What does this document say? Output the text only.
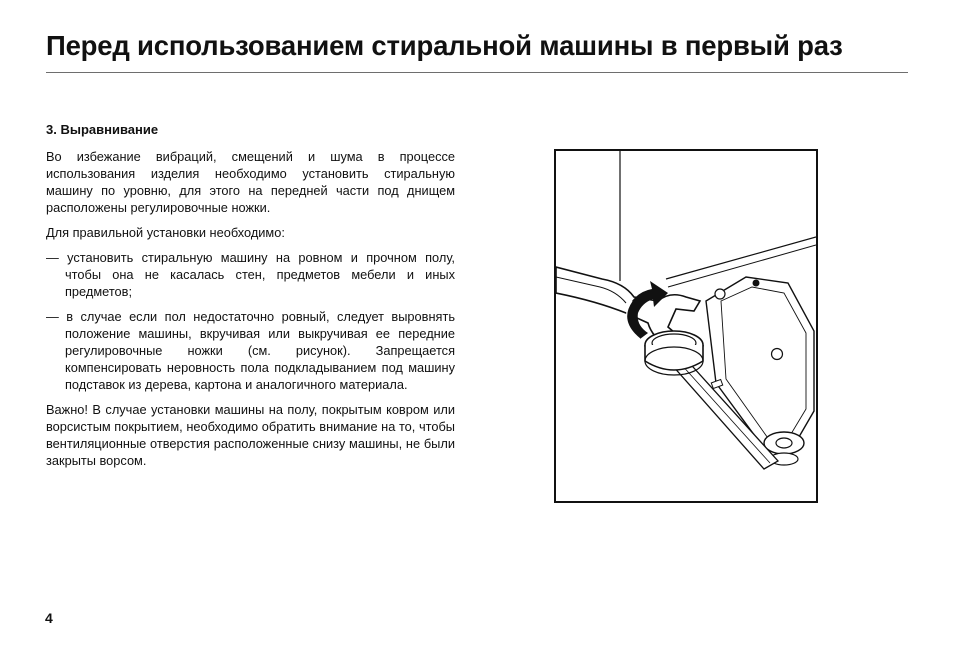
Перед использованием стиральной машины в первый раз
3. Выравнивание

Во избежание вибраций, смещений и шума в процессе использования изделия необходимо установить стиральную машину по уровню, для этого на передней части под днищем расположены регулировочные ножки.

Для правильной установки необходимо:

— установить стиральную машину на ровном и прочном полу, чтобы она не касалась стен, предметов мебели и иных предметов;
— в случае если пол недостаточно ровный, следует выровнять положение машины, вкручивая или выкручивая ее передние регулировочные ножки (см. рисунок). Запрещается компенсировать неровность пола подкладыванием под машину подставок из дерева, картона и аналогичного материала.

Важно! В случае установки машины на полу, покрытым ковром или ворсистым покрытием, необходимо обратить внимание на то, чтобы вентиляционные отверстия расположенные снизу машины, не были закрыты ворсом.

4
